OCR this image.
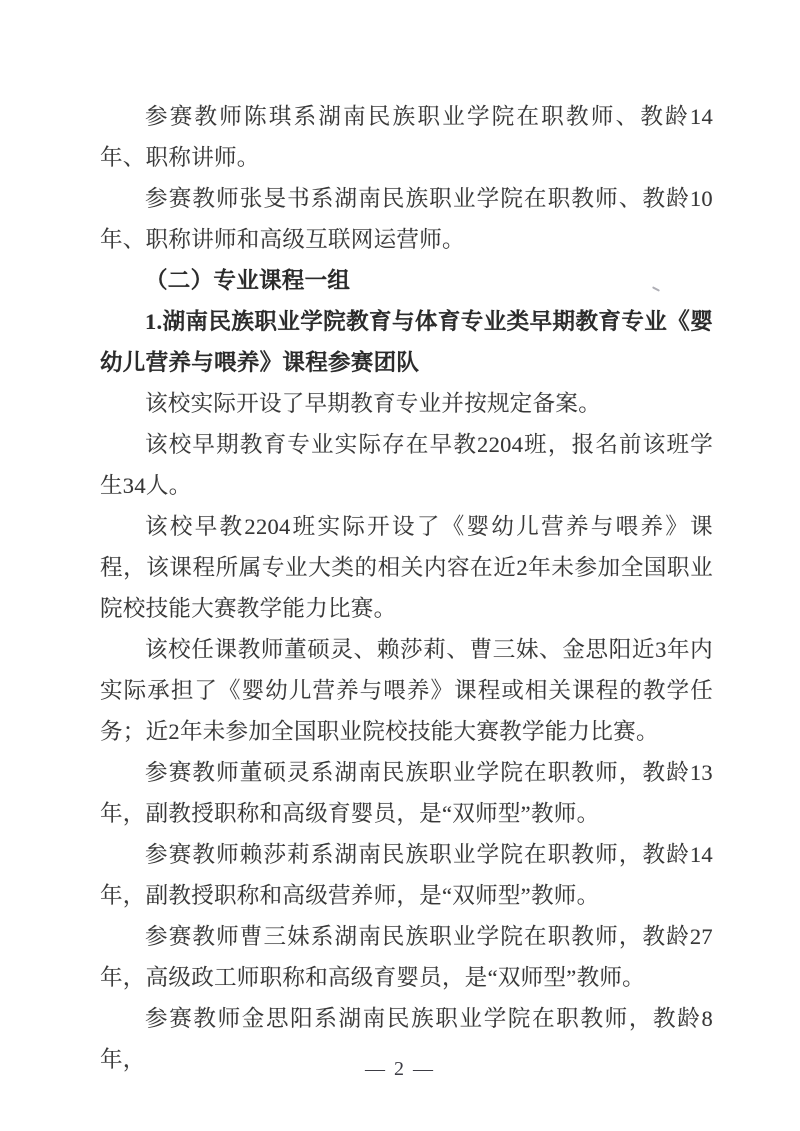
参赛教师陈琪系湖南民族职业学院在职教师、教龄14年、职称讲师。

参赛教师张旻书系湖南民族职业学院在职教师、教龄10年、职称讲师和高级互联网运营师。

（二）专业课程一组

1.湖南民族职业学院教育与体育专业类早期教育专业《婴幼儿营养与喂养》课程参赛团队

该校实际开设了早期教育专业并按规定备案。

该校早期教育专业实际存在早教2204班，报名前该班学生34人。

该校早教2204班实际开设了《婴幼儿营养与喂养》课程，该课程所属专业大类的相关内容在近2年未参加全国职业院校技能大赛教学能力比赛。

该校任课教师董硕灵、赖莎莉、曹三妹、金思阳近3年内实际承担了《婴幼儿营养与喂养》课程或相关课程的教学任务；近2年未参加全国职业院校技能大赛教学能力比赛。

参赛教师董硕灵系湖南民族职业学院在职教师，教龄13年，副教授职称和高级育婴员，是“双师型”教师。

参赛教师赖莎莉系湖南民族职业学院在职教师，教龄14年，副教授职称和高级营养师，是“双师型”教师。

参赛教师曹三妹系湖南民族职业学院在职教师，教龄27年，高级政工师职称和高级育婴员，是“双师型”教师。

参赛教师金思阳系湖南民族职业学院在职教师，教龄8年，	— 2 —
